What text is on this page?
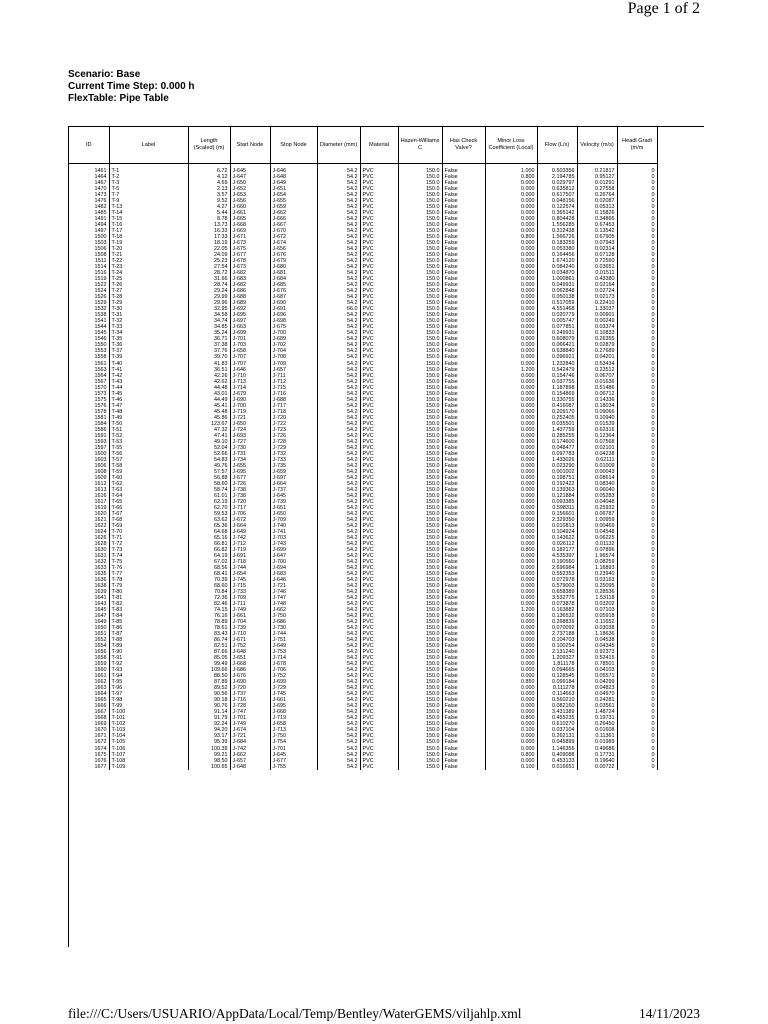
Page 1 of 2
Scenario: Base
Current Time Step: 0.000 h
FlexTable: Pipe Table
ID	Label	Length (Scaled) (m)	Start Node	Stop Node	Diameter (mm)	Material	Hazen-Williams C	Has Check Valve?	Minor Loss Coefficient (Local)	Flow (L/s)	Velocity (m/s)	Headl Gradi (m/m

1461	T-1	6.72	J-645	J-646	54.2	PVC	150.0	False	1.000	0.503356	0.21817	0
1464	T-2	4.12	J-647	J-648	54.2	PVC	150.0	False	0.800	2.194785	0.95127	0
1467	T-3	4.69	J-650	J-649	54.2	PVC	150.0	False	0.000	0.029797	0.01291	0
1470	T-5	2.13	J-652	J-651	54.2	PVC	150.0	False	0.000	0.635812	0.27558	0
1473	T-7	3.57	J-653	J-654	54.2	PVC	150.0	False	0.000	0.617507	0.26764	0
1476	T-9	9.52	J-656	J-655	54.2	PVC	150.0	False	0.000	0.048156	0.02087	0
1482	T-13	4.27	J-660	J-659	54.2	PVC	150.0	False	0.000	0.122574	0.05313	0
1485	T-14	5.44	J-661	J-662	54.2	PVC	150.0	False	0.000	0.365142	0.15826	0
1491	T-15	8.78	J-665	J-666	54.2	PVC	150.0	False	0.000	0.804428	0.34866	0
1494	T-16	13.73	J-668	J-667	54.2	PVC	150.0	False	0.000	1.556285	0.67453	0
1497	T-17	16.33	J-669	J-670	54.2	PVC	150.0	False	0.000	0.312438	0.13542	0
1500	T-18	17.33	J-671	J-672	54.2	PVC	150.0	False	0.800	1.566726	0.67905	0
1503	T-19	18.19	J-673	J-674	54.2	PVC	150.0	False	0.000	0.183259	0.07943	0
1506	T-20	22.05	J-675	J-656	54.2	PVC	150.0	False	0.000	0.053380	0.02314	0
1508	T-21	24.09	J-677	J-676	54.2	PVC	150.0	False	0.000	0.164456	0.07128	0
1511	T-22	25.23	J-678	J-679	54.2	PVC	150.0	False	0.000	1.674120	0.72560	0
1514	T-23	27.54	J-673	J-680	54.2	PVC	150.0	False	0.000	0.084240	0.03651	0
1516	T-24	28.72	J-682	J-681	54.2	PVC	150.0	False	0.000	0.034870	0.01511	0
1519	T-25	31.66	J-683	J-684	54.2	PVC	150.0	False	0.000	1.000861	0.43380	0
1522	T-26	28.74	J-682	J-685	54.2	PVC	150.0	False	0.000	0.049931	0.02164	0
1524	T-27	29.24	J-686	J-676	54.2	PVC	150.0	False	0.000	0.062848	0.02724	0
1526	T-28	29.99	J-688	J-687	54.2	PVC	150.0	False	0.000	0.050138	0.02173	0
1529	T-29	29.96	J-689	J-690	54.2	PVC	150.0	False	0.000	0.517059	0.22410	0
1532	T-30	32.95	J-692	J-691	66.0	PVC	150.0	False	0.000	4.551468	1.33037	0
1538	T-31	34.58	J-695	J-696	54.2	PVC	150.0	False	0.000	0.020779	0.00901	0
1541	T-32	34.74	J-697	J-698	54.2	PVC	150.0	False	0.000	0.005747	0.00249	0
1544	T-33	34.85	J-663	J-675	54.2	PVC	150.0	False	0.000	0.077851	0.03374	0
1545	T-34	35.24	J-699	J-700	54.2	PVC	150.0	False	0.000	0.249931	0.10833	0
1546	T-35	36.71	J-701	J-689	54.2	PVC	150.0	False	0.000	0.608079	0.26355	0
1550	T-36	37.38	J-703	J-702	54.2	PVC	150.0	False	0.000	0.066421	0.02879	0
1553	T-37	37.76	J-658	J-704	54.2	PVC	150.0	False	0.000	0.638840	0.27689	0
1558	T-39	39.70	J-707	J-708	54.2	PVC	150.0	False	0.000	0.096921	0.04201	0
1561	T-40	41.83	J-707	J-709	54.2	PVC	150.0	False	0.000	1.232840	0.53434	0
1563	T-41	36.51	J-646	J-657	54.2	PVC	150.0	False	1.200	0.542479	0.23512	0
1564	T-42	42.26	J-710	J-711	54.2	PVC	150.0	False	0.000	0.154746	0.06707	0
1567	T-43	42.62	J-713	J-712	54.2	PVC	150.0	False	0.000	0.037755	0.01636	0
1570	T-44	44.48	J-714	J-715	54.2	PVC	150.0	False	0.000	1.187898	0.51486	0
1573	T-45	43.01	J-679	J-716	54.2	PVC	150.0	False	0.000	0.154869	0.06712	0
1575	T-46	44.49	J-690	J-688	54.2	PVC	150.0	False	0.000	0.330755	0.14336	0
1576	T-47	45.41	J-700	J-717	54.2	PVC	150.0	False	0.000	0.416087	0.18034	0
1578	T-48	45.48	J-719	J-718	54.2	PVC	150.0	False	0.000	0.209170	0.09066	0
1581	T-49	45.86	J-721	J-720	54.2	PVC	150.0	False	0.000	0.252405	0.10940	0
1584	T-50	123.67	J-650	J-722	54.2	PVC	150.0	False	0.000	0.035501	0.01539	0
1586	T-51	47.32	J-724	J-723	54.2	PVC	150.0	False	0.000	1.437759	0.62316	0
1591	T-52	47.41	J-693	J-726	54.2	PVC	150.0	False	0.000	0.285255	0.12364	0
1593	T-53	49.10	J-727	J-728	54.2	PVC	150.0	False	0.000	0.174600	0.07568	0
1597	T-55	52.04	J-730	J-729	54.2	PVC	150.0	False	0.000	0.048477	0.02101	0
1600	T-56	52.66	J-731	J-732	54.2	PVC	150.0	False	0.000	0.097783	0.04238	0
1603	T-57	54.83	J-734	J-733	54.2	PVC	150.0	False	0.000	1.433026	0.62111	0
1606	T-58	49.76	J-655	J-735	54.2	PVC	150.0	False	0.000	0.023290	0.01009	0
1608	T-59	57.57	J-695	J-659	54.2	PVC	150.0	False	0.000	0.001002	0.00043	0
1609	T-60	56.88	J-677	J-697	54.2	PVC	150.0	False	0.000	0.198751	0.08614	0
1612	T-62	58.60	J-726	J-664	54.2	PVC	150.0	False	0.000	0.192422	0.08340	0
1613	T-63	58.74	J-738	J-737	54.2	PVC	150.0	False	0.000	0.139363	0.06040	0
1616	T-64	61.01	J-738	J-645	54.2	PVC	150.0	False	0.000	0.121884	0.05283	0
1617	T-65	62.19	J-720	J-739	54.2	PVC	150.0	False	0.000	0.093385	0.04048	0
1619	T-66	62.70	J-717	J-651	54.2	PVC	150.0	False	0.000	0.598311	0.25932	0
1620	T-67	59.53	J-706	J-650	54.2	PVC	150.0	False	0.000	0.156601	0.06787	0
1621	T-68	63.62	J-672	J-709	54.2	PVC	150.0	False	0.000	2.329350	1.00959	0
1622	T-69	65.36	J-664	J-740	54.2	PVC	150.0	False	0.000	0.010813	0.00469	0
1624	T-70	64.68	J-649	J-741	54.2	PVC	150.0	False	0.000	0.104924	0.04548	0
1626	T-71	65.16	J-742	J-703	54.2	PVC	150.0	False	0.000	0.143622	0.06225	0
1628	T-72	66.81	J-712	J-743	54.2	PVC	150.0	False	0.000	0.026112	0.01132	0
1630	T-73	66.82	J-719	J-699	54.2	PVC	150.0	False	0.800	0.182177	0.07896	0
1631	T-74	64.19	J-691	J-647	54.2	PVC	150.0	False	0.000	4.535397	1.96574	0
1632	T-75	67.02	J-718	J-700	54.2	PVC	150.0	False	0.000	0.190560	0.08259	0
1633	T-76	68.56	J-744	J-694	54.2	PVC	150.0	False	0.000	2.696984	1.16893	0
1635	T-77	68.41	J-654	J-683	54.2	PVC	150.0	False	0.000	0.552353	0.23940	0
1636	T-78	70.39	J-745	J-646	54.2	PVC	150.0	False	0.000	0.072978	0.03163	0
1638	T-79	68.60	J-715	J-721	54.2	PVC	150.0	False	0.000	0.579003	0.25095	0
1639	T-80	70.84	J-733	J-746	54.2	PVC	150.0	False	0.000	0.658389	0.28536	0
1641	T-81	72.36	J-709	J-747	54.2	PVC	150.0	False	0.000	3.532775	1.53118	0
1643	T-82	82.46	J-711	J-748	54.2	PVC	150.0	False	0.000	0.073878	0.03202	0
1645	T-83	74.15	J-749	J-662	54.2	PVC	150.0	False	1.200	0.163882	0.07103	0
1647	T-84	76.16	J-661	J-750	54.2	PVC	150.0	False	0.000	0.136532	0.05918	0
1649	T-85	78.89	J-704	J-686	54.2	PVC	150.0	False	0.000	0.268839	0.11652	0
1650	T-86	78.61	J-739	J-730	54.2	PVC	150.0	False	0.000	0.070092	0.03038	0
1651	T-87	83.43	J-710	J-744	54.2	PVC	150.0	False	0.000	2.737188	1.18636	0
1652	T-88	86.74	J-671	J-751	54.2	PVC	150.0	False	0.000	0.104703	0.04538	0
1654	T-89	82.51	J-752	J-649	54.2	PVC	150.0	False	0.000	0.100254	0.04345	0
1656	T-90	87.66	J-648	J-753	54.2	PVC	150.0	False	0.200	2.131240	0.92373	0
1658	T-91	85.05	J-651	J-714	54.2	PVC	150.0	False	0.000	1.209327	0.52415	0
1659	T-92	99.49	J-668	J-678	54.2	PVC	150.0	False	0.000	1.811178	0.78501	0
1660	T-93	109.66	J-686	J-706	54.2	PVC	150.0	False	0.000	0.094665	0.04103	0
1661	T-94	88.50	J-676	J-752	54.2	PVC	150.0	False	0.000	0.128545	0.05571	0
1662	T-95	87.89	J-690	J-699	54.2	PVC	150.0	False	0.850	0.099184	0.04299	0
1663	T-96	89.52	J-720	J-729	54.2	PVC	150.0	False	0.000	0.111278	0.04823	0
1664	T-97	90.56	J-737	J-745	54.2	PVC	150.0	False	0.000	0.114663	0.04970	0
1665	T-98	90.18	J-716	J-661	54.2	PVC	150.0	False	0.000	0.560210	0.24281	0
1666	T-99	90.76	J-728	J-695	54.2	PVC	150.0	False	0.000	0.082160	0.03561	0
1667	T-100	91.14	J-747	J-668	54.2	PVC	150.0	False	0.000	3.431389	1.48724	0
1668	T-101	91.79	J-701	J-719	54.2	PVC	150.0	False	0.800	0.455235	0.19731	0
1669	T-102	92.24	J-749	J-658	54.2	PVC	150.0	False	0.000	0.610270	0.26450	0
1670	T-103	94.20	J-674	J-713	54.2	PVC	150.0	False	0.100	0.037104	0.01608	0
1671	T-104	93.17	J-721	J-750	54.2	PVC	150.0	False	0.000	0.262131	0.11361	0
1672	T-105	95.39	J-684	J-754	54.2	PVC	150.0	False	0.000	0.045899	0.01989	0
1674	T-106	100.39	J-742	J-701	54.2	PVC	150.0	False	0.000	1.146356	0.49686	0
1675	T-107	99.21	J-662	J-645	54.2	PVC	150.0	False	0.800	0.409088	0.17731	0
1676	T-108	98.50	J-657	J-677	54.2	PVC	150.0	False	0.000	0.453133	0.19640	0
1677	T-109	100.65	J-648	J-755	54.2	PVC	150.0	False	0.100	0.016651	0.00722	0
file:///C:/Users/USUARIO/AppData/Local/Temp/Bentley/WaterGEMS/viljahlp.xml	14/11/2023
